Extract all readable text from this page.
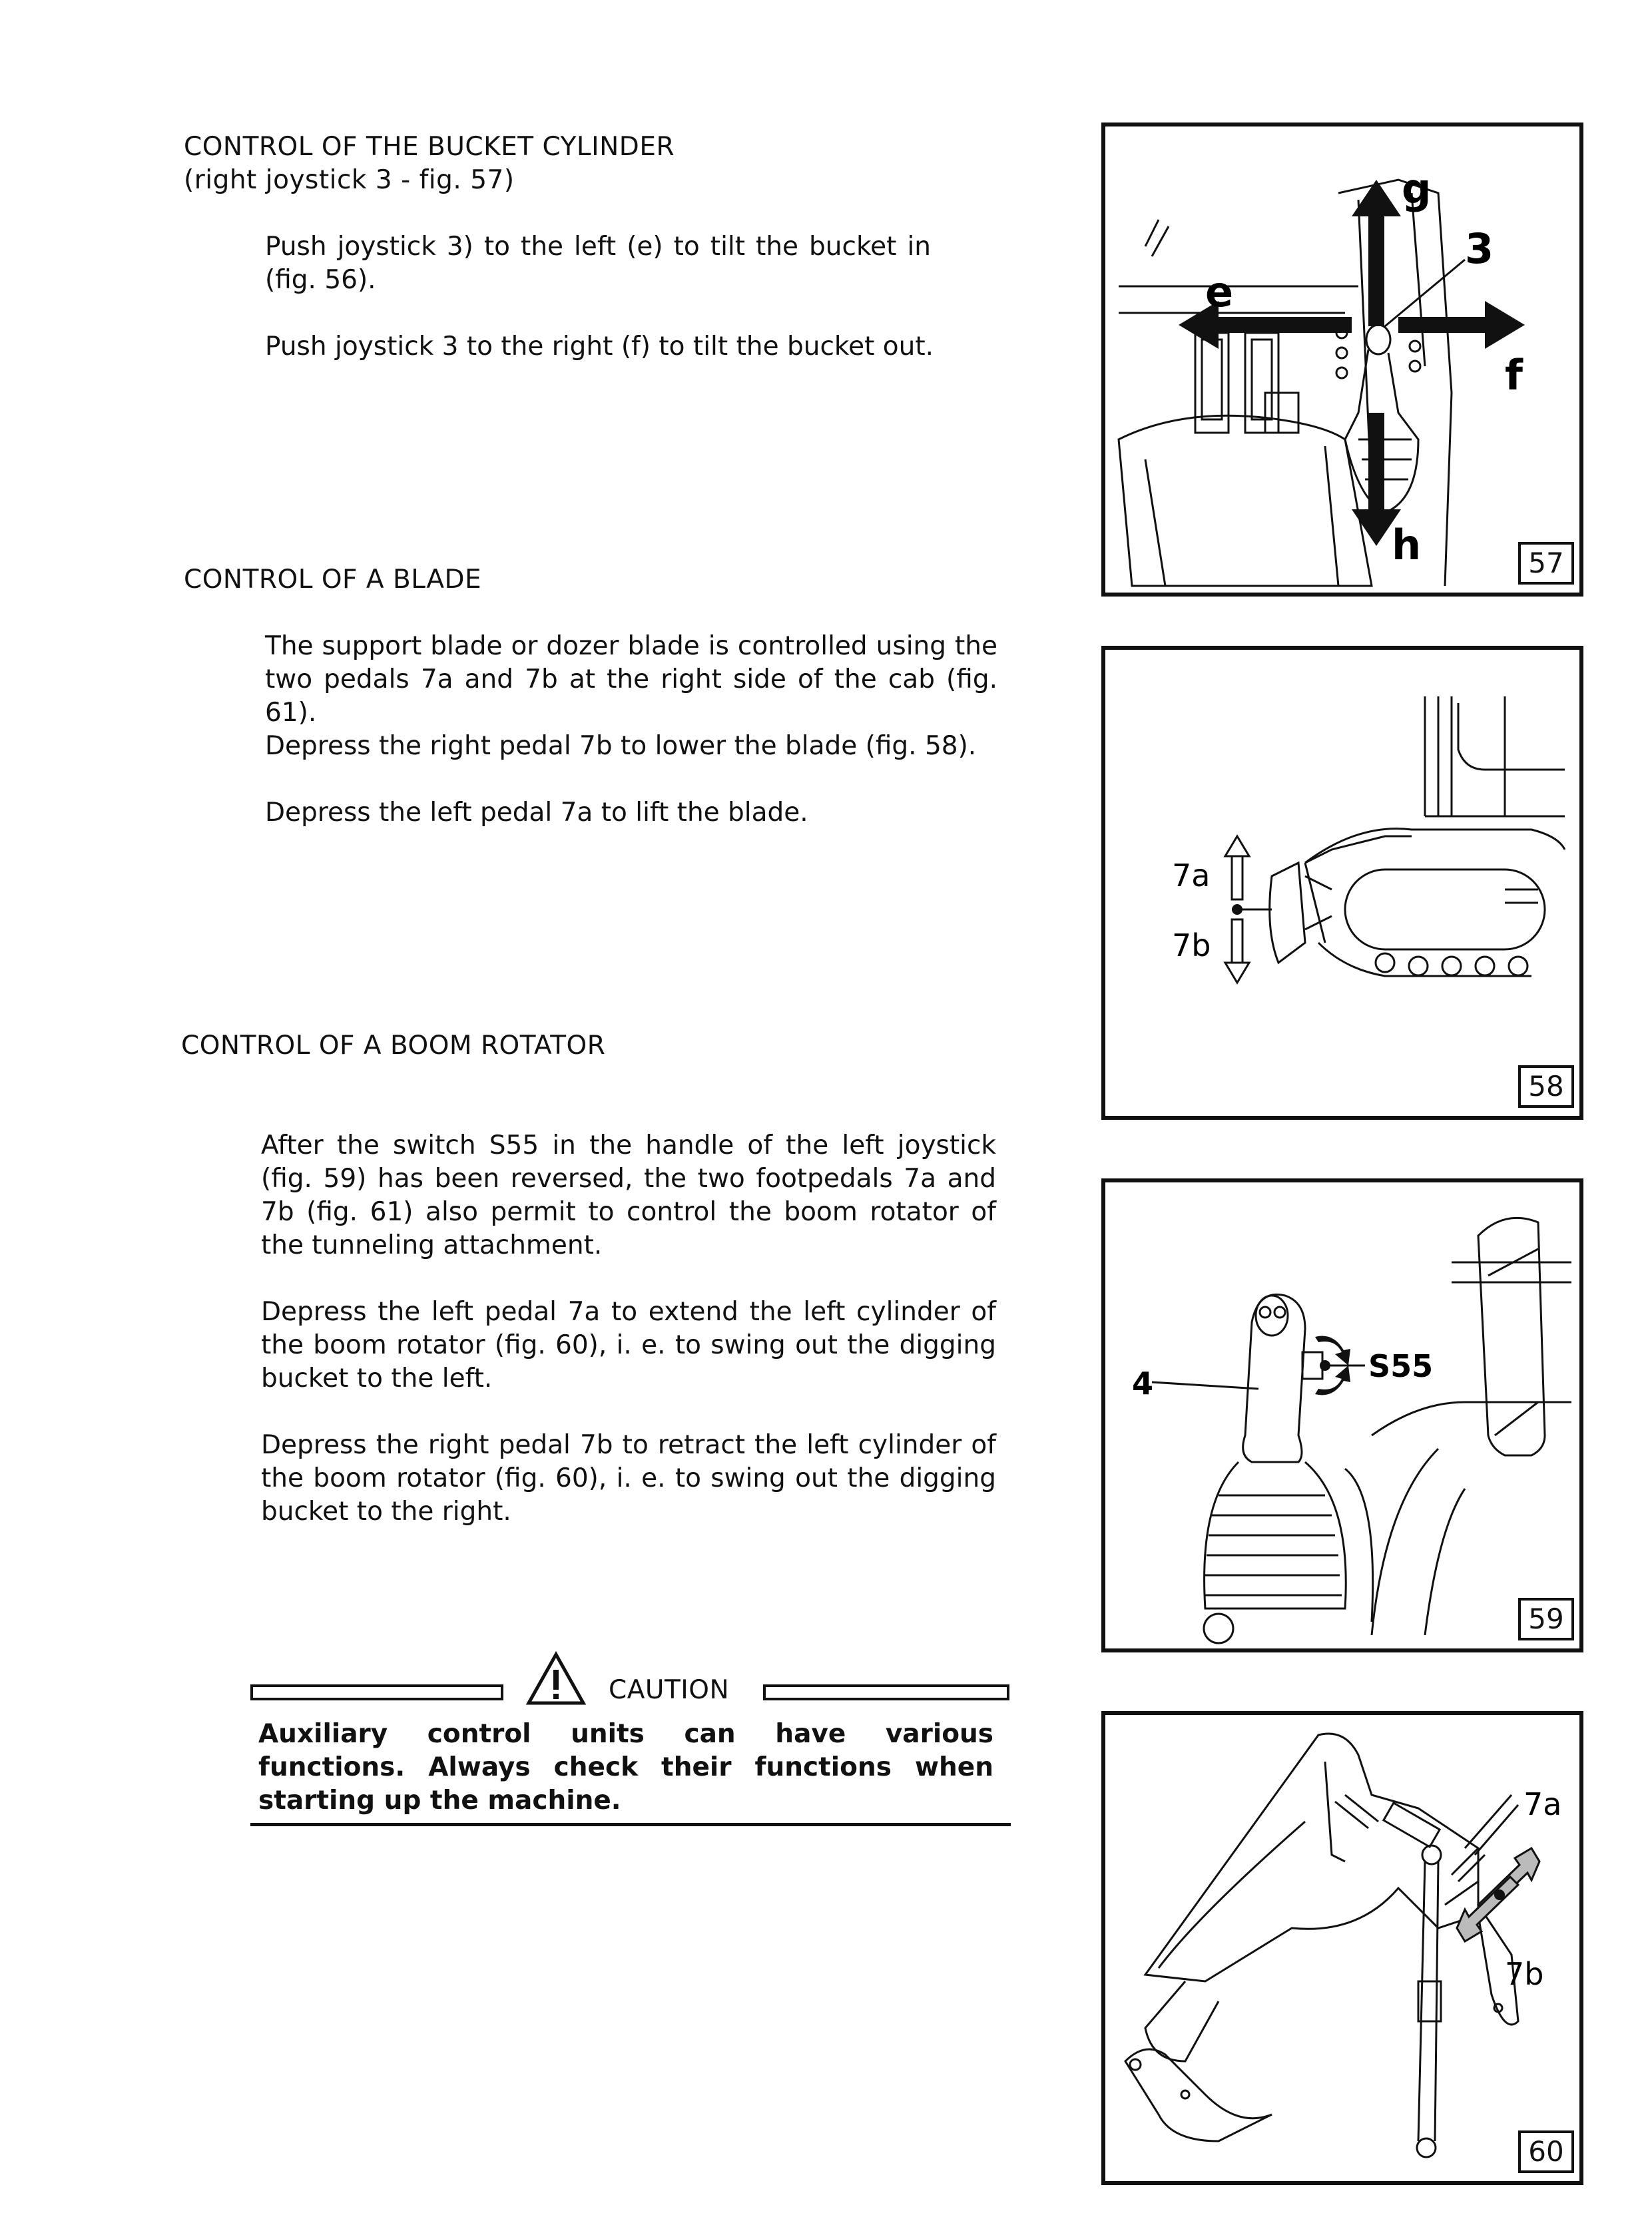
CONTROL OF THE BUCKET CYLINDER
(right joystick 3 - fig. 57)
Push joystick 3) to the left (e) to tilt the bucket in (fig. 56).
Push joystick 3 to the right (f) to tilt the bucket out.
CONTROL OF A BLADE
The support blade or dozer blade is controlled using the two pedals 7a and 7b at the right side of the cab (fig. 61).
Depress the right pedal 7b to lower the blade (fig. 58).
Depress the left pedal 7a to lift the blade.
CONTROL OF A BOOM ROTATOR
After the switch S55 in the handle of the left joystick (fig. 59) has been reversed, the two footpedals 7a and 7b (fig. 61) also permit to control the boom rotator of the tunneling attachment.
Depress the left pedal 7a to extend the left cylinder of the boom rotator (fig. 60), i. e. to swing out the digging bucket to the left.
Depress the right pedal 7b to retract the left cylinder of the boom rotator (fig. 60), i. e. to swing out the digging bucket to the right.
CAUTION
Auxiliary control units can have various functions. Always check their functions when starting up the machine.
g
3
e
f
h	57
7a
7b
58
4	S55
59
7a
7b
60
